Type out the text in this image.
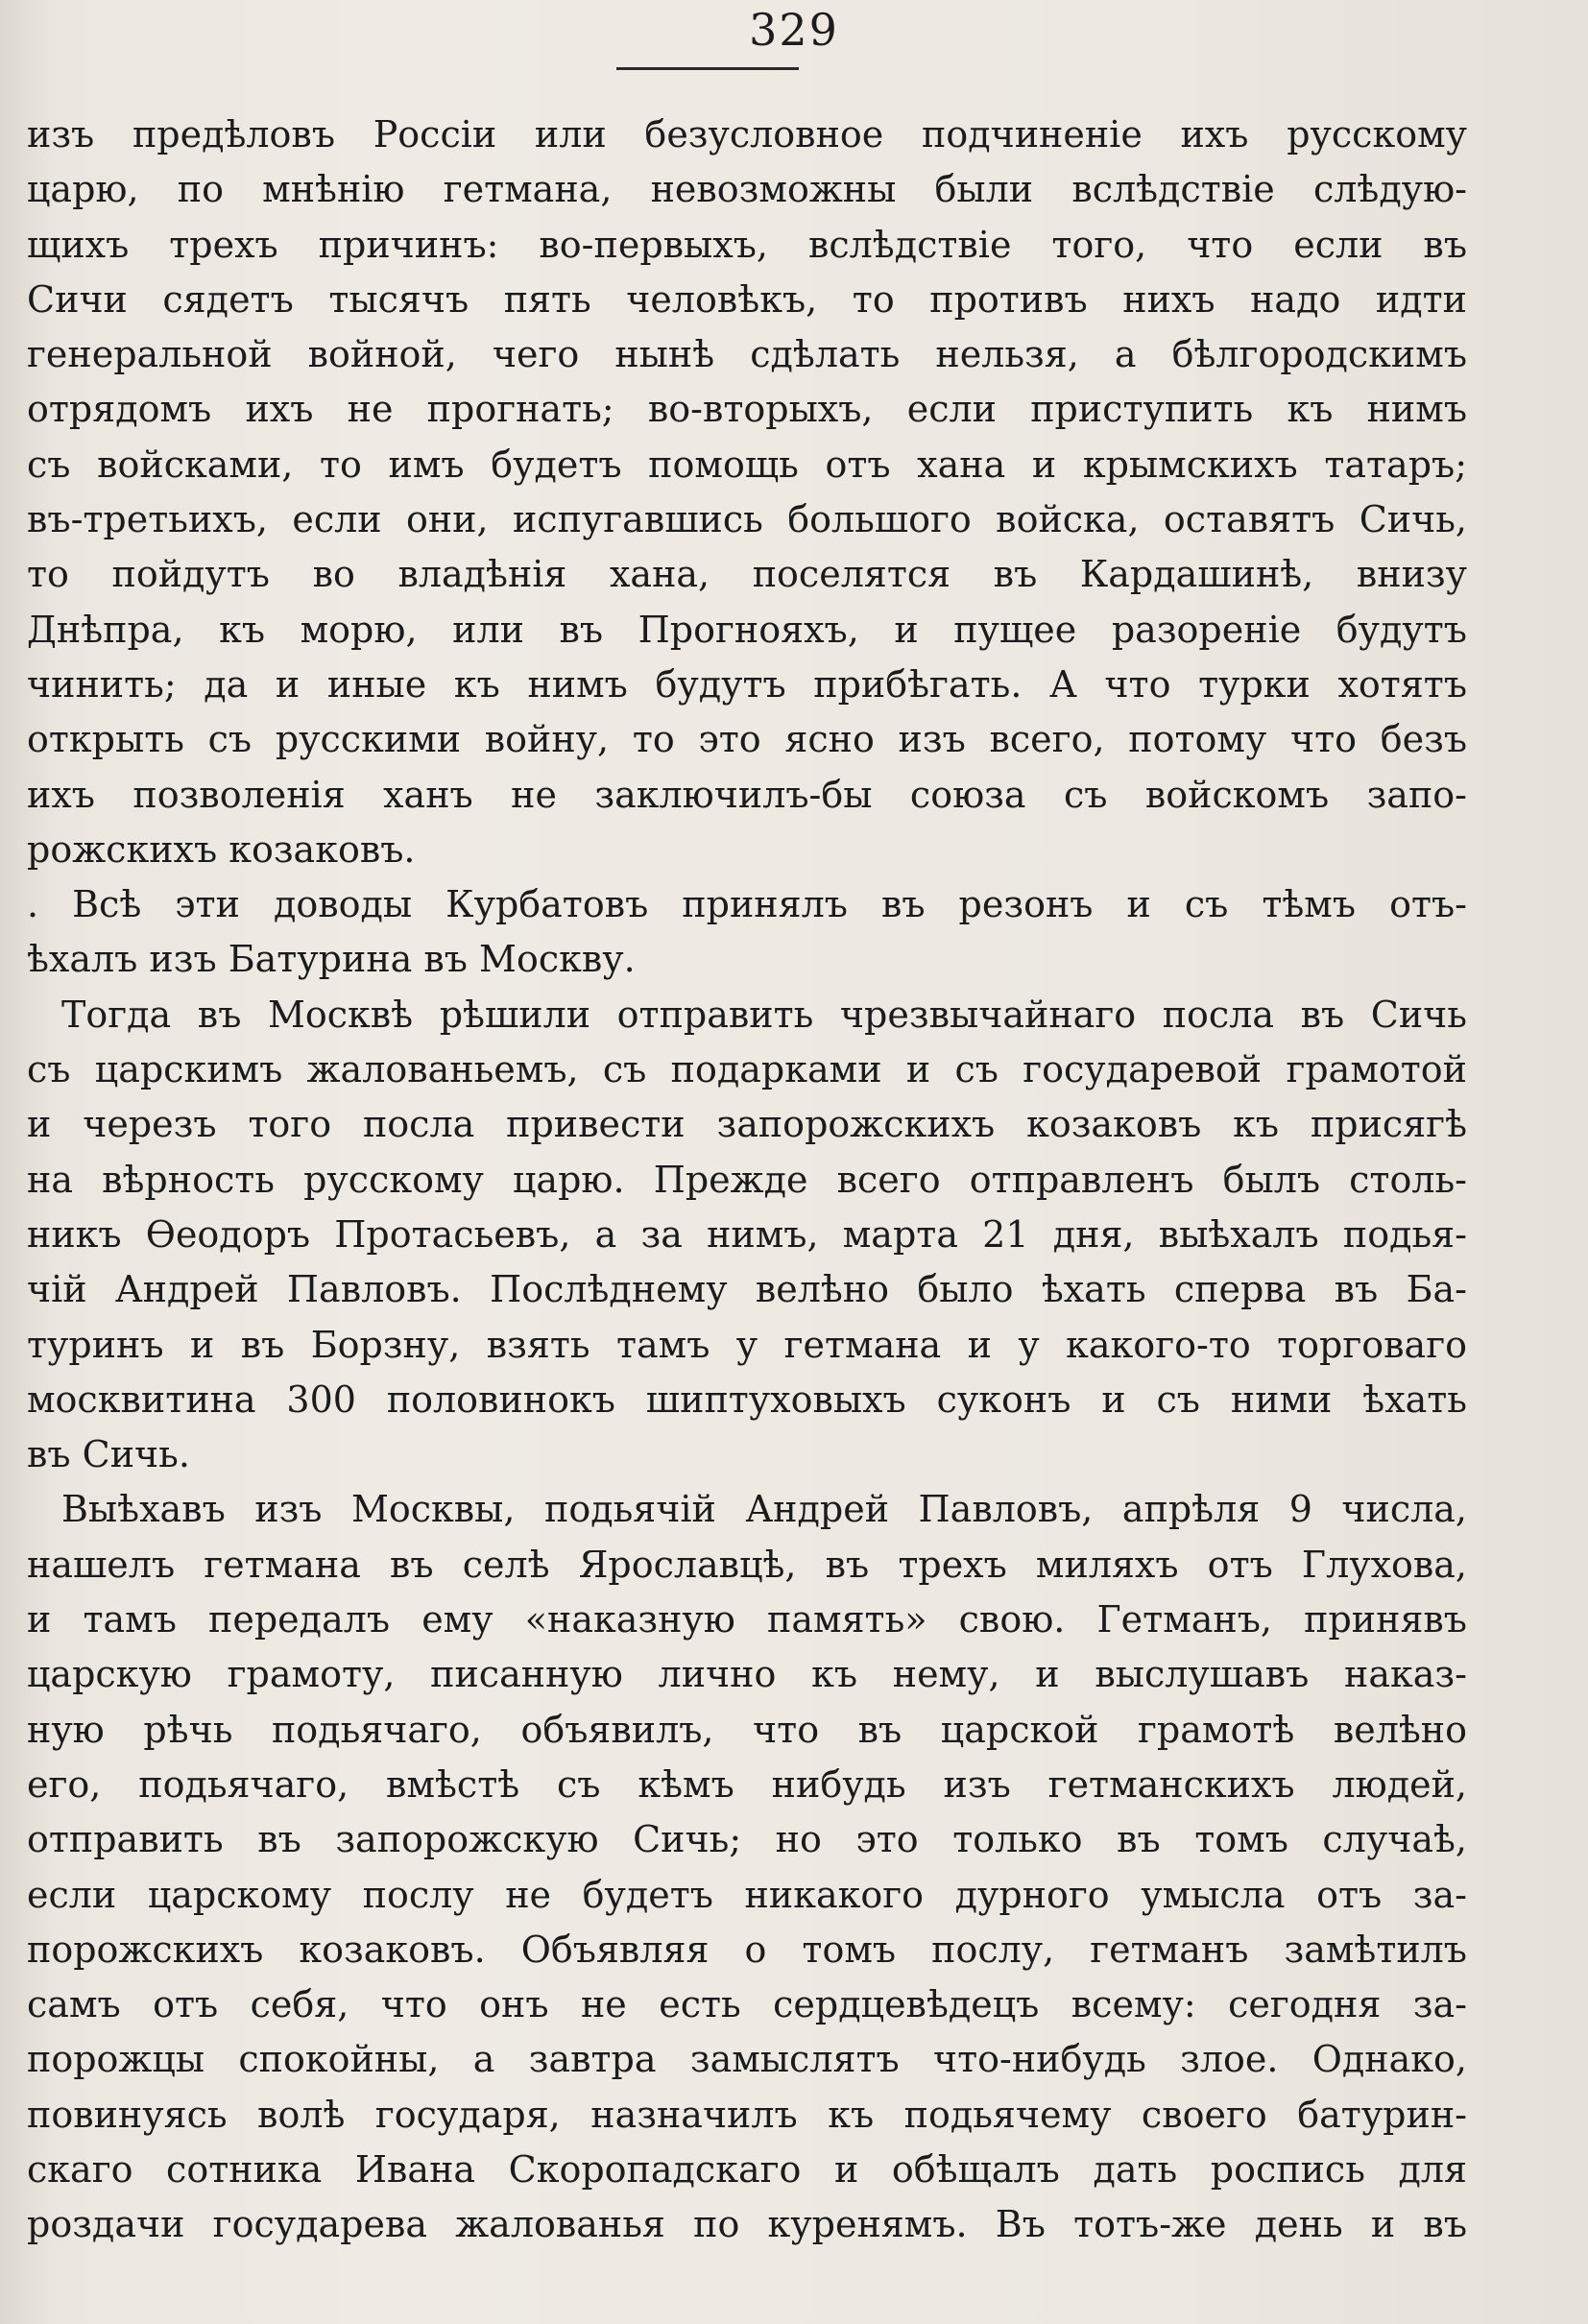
329
изъ предѣловъ Россіи или безусловное подчиненіе ихъ русскому
царю, по мнѣнію гетмана, невозможны были вслѣдствіе слѣдую-
щихъ трехъ причинъ: во-первыхъ, вслѣдствіе того, что если въ
Сичи сядетъ тысячъ пять человѣкъ, то противъ нихъ надо идти
генеральной войной, чего нынѣ сдѣлать нельзя, а бѣлгородскимъ
отрядомъ ихъ не прогнать; во-вторыхъ, если приступить къ нимъ
съ войсками, то имъ будетъ помощь отъ хана и крымскихъ татаръ;
въ-третьихъ, если они, испугавшись большого войска, оставятъ Сичь,
то пойдутъ во владѣнія хана, поселятся въ Кардашинѣ, внизу
Днѣпра, къ морю, или въ Прогнояхъ, и пущее разореніе будутъ
чинить; да и иные къ нимъ будутъ прибѣгать. А что турки хотятъ
открыть съ русскими войну, то это ясно изъ всего, потому что безъ
ихъ позволенія ханъ не заключилъ-бы союза съ войскомъ запо-
рожскихъ козаковъ.
. Всѣ эти доводы Курбатовъ принялъ въ резонъ и съ тѣмъ отъ-
ѣхалъ изъ Батурина въ Москву.
Тогда въ Москвѣ рѣшили отправить чрезвычайнаго посла въ Сичь
съ царскимъ жалованьемъ, съ подарками и съ государевой грамотой
и черезъ того посла привести запорожскихъ козаковъ къ присягѣ
на вѣрность русскому царю. Прежде всего отправленъ былъ столь-
никъ Ѳеодоръ Протасьевъ, а за нимъ, марта 21 дня, выѣхалъ подья-
чій Андрей Павловъ. Послѣднему велѣно было ѣхать сперва въ Ба-
туринъ и въ Борзну, взять тамъ у гетмана и у какого-то торговаго
москвитина 300 половинокъ шиптуховыхъ суконъ и съ ними ѣхать
въ Сичь.
Выѣхавъ изъ Москвы, подьячій Андрей Павловъ, апрѣля 9 числа,
нашелъ гетмана въ селѣ Ярославцѣ, въ трехъ миляхъ отъ Глухова,
и тамъ передалъ ему «наказную память» свою. Гетманъ, принявъ
царскую грамоту, писанную лично къ нему, и выслушавъ наказ-
ную рѣчь подьячаго, объявилъ, что въ царской грамотѣ велѣно
его, подьячаго, вмѣстѣ съ кѣмъ нибудь изъ гетманскихъ людей,
отправить въ запорожскую Сичь; но это только въ томъ случаѣ,
если царскому послу не будетъ никакого дурного умысла отъ за-
порожскихъ козаковъ. Объявляя о томъ послу, гетманъ замѣтилъ
самъ отъ себя, что онъ не есть сердцевѣдецъ всему: сегодня за-
порожцы спокойны, а завтра замыслятъ что-нибудь злое. Однако,
повинуясь волѣ государя, назначилъ къ подьячему своего батурин-
скаго сотника Ивана Скоропадскаго и обѣщалъ дать роспись для
роздачи государева жалованья по куренямъ. Въ тотъ-же день и въ
